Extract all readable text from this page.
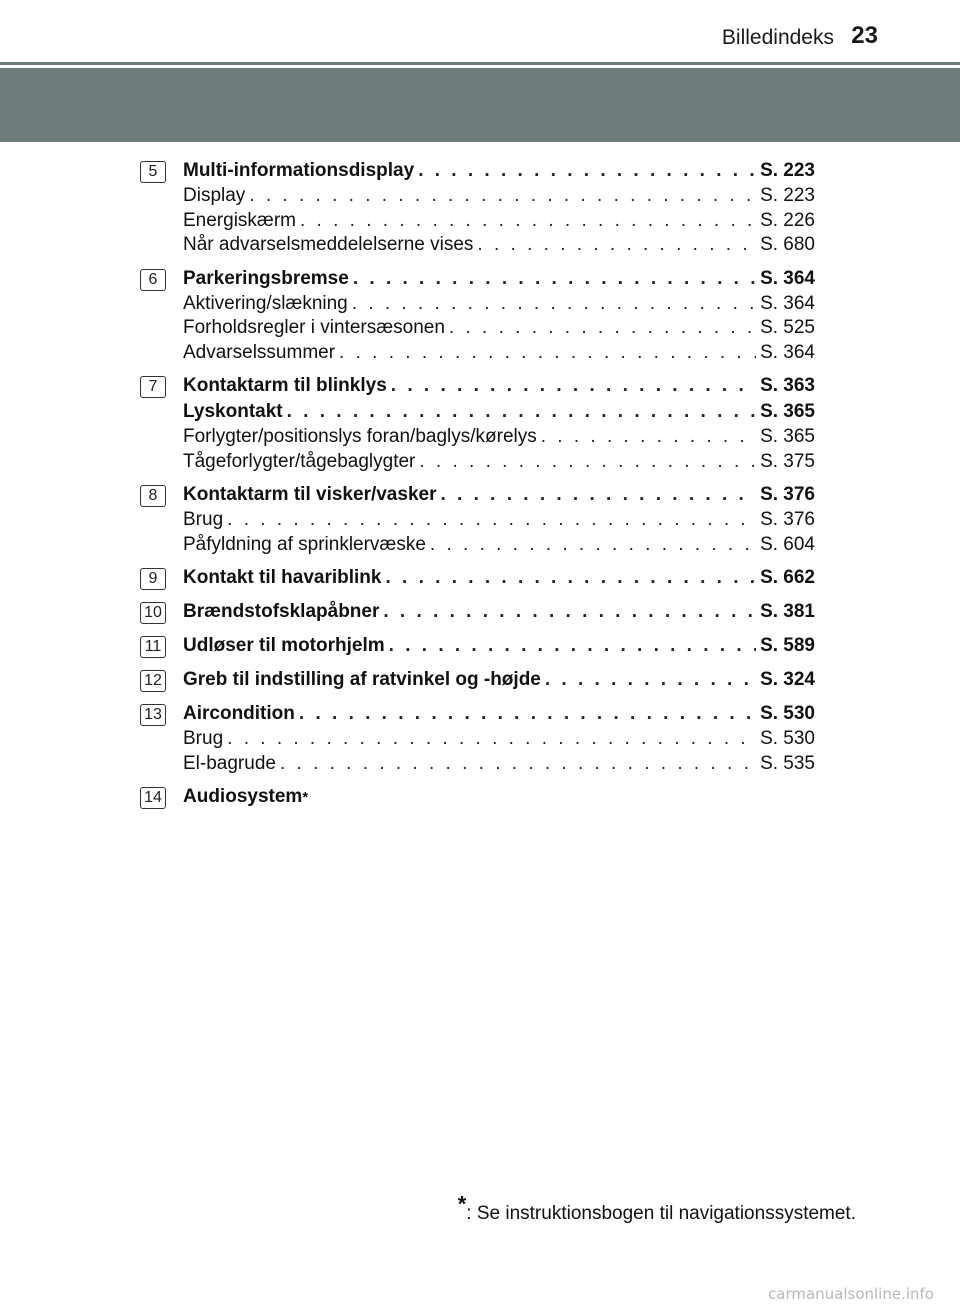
Billedindeks 23
5	Multi-informationsdisplay . . .	S. 223
Display . . .	S. 223
Energiskærm . . .	S. 226
Når advarselsmeddelelserne vises . . .	S. 680
6	Parkeringsbremse . . .	S. 364
Aktivering/slækning . . .	S. 364
Forholdsregler i vintersæsonen . . .	S. 525
Advarselssummer . . .	S. 364
7	Kontaktarm til blinklys . . .	S. 363
Lyskontakt . . .	S. 365
Forlygter/positionslys foran/baglys/kørelys . . .	S. 365
Tågeforlygter/tågebaglygter . . .	S. 375
8	Kontaktarm til visker/vasker . . .	S. 376
Brug . . .	S. 376
Påfyldning af sprinklervæske . . .	S. 604
9	Kontakt til havariblink . . .	S. 662
10 Brændstofsklapåbner . . .	S. 381
11 Udløser til motorhjelm . . .	S. 589
12 Greb til indstilling af ratvinkel og -højde . . .	S. 324
13 Aircondition . . .	S. 530
Brug . . .	S. 530
El-bagrude . . .	S. 535
14 Audiosystem *
*: Se instruktionsbogen til navigationssystemet.
carmanualsonline.info
